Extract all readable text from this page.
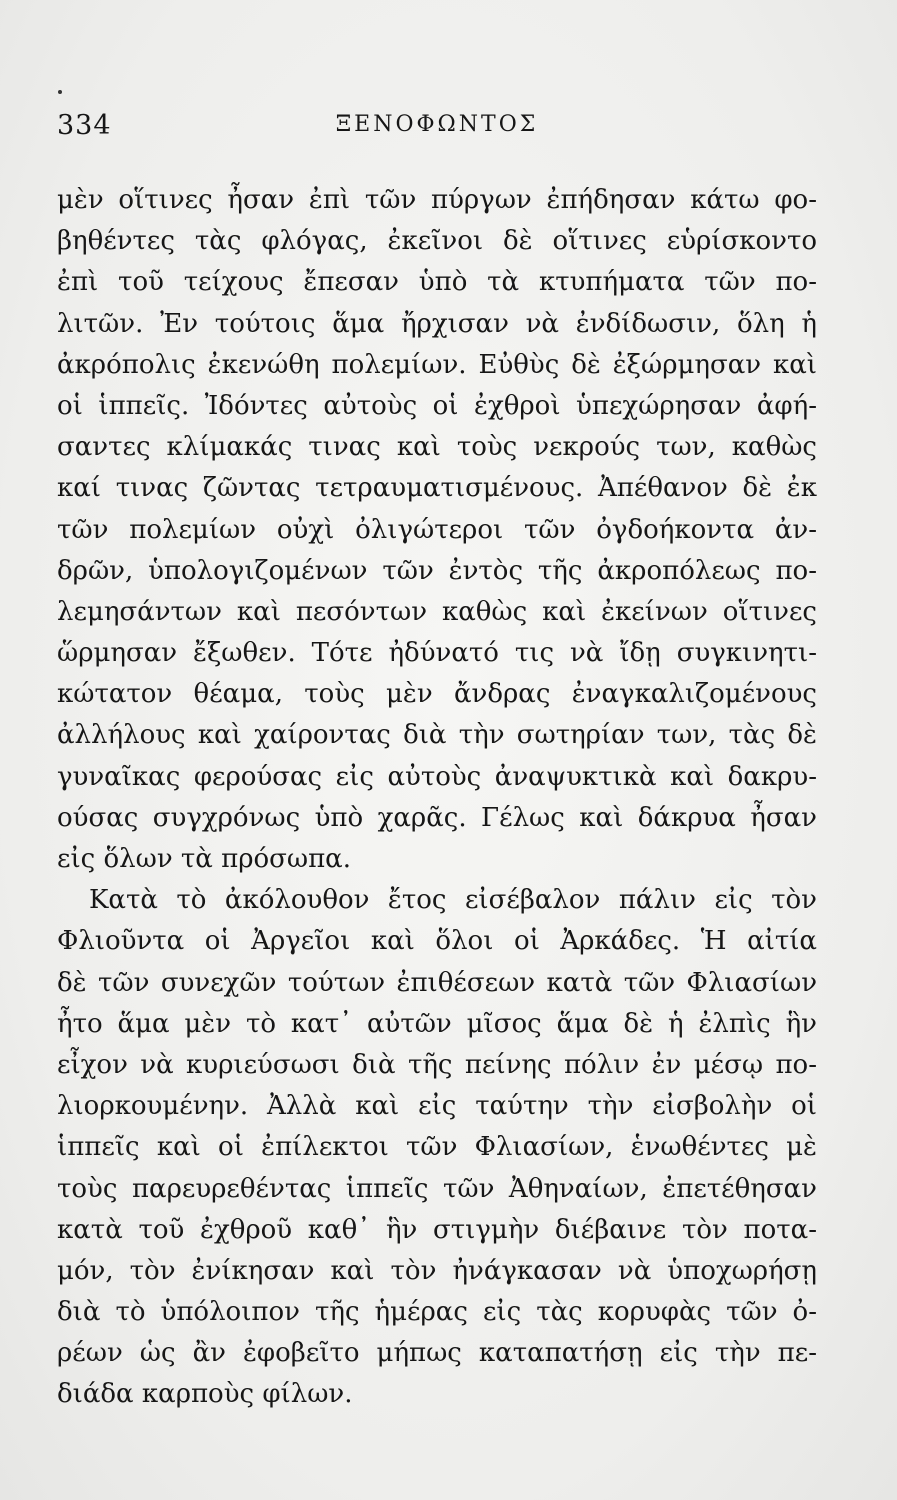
334	ΞΕΝΟΦΩΝΤΟΣ
μὲν οἵτινες ἦσαν ἐπὶ τῶν πύργων ἐπήδησαν κάτω φο-
βηθέντες τὰς φλόγας, ἐκεῖνοι δὲ οἵτινες εὑρίσκοντο
ἐπὶ τοῦ τείχους ἔπεσαν ὑπὸ τὰ κτυπήματα τῶν πο-
λιτῶν. Ἐν τούτοις ἅμα ἤρχισαν νὰ ἐνδίδωσιν, ὅλη ἡ
ἀκρόπολις ἐκενώθη πολεμίων. Εὐθὺς δὲ ἐξώρμησαν καὶ
οἱ ἱππεῖς. Ἰδόντες αὐτοὺς οἱ ἐχθροὶ ὑπεχώρησαν ἀφή-
σαντες κλίμακάς τινας καὶ τοὺς νεκρούς των, καθὼς
καί τινας ζῶντας τετραυματισμένους. Ἀπέθανον δὲ ἐκ
τῶν πολεμίων οὐχὶ ὀλιγώτεροι τῶν ὀγδοήκοντα ἀν-
δρῶν, ὑπολογιζομένων τῶν ἐντὸς τῆς ἀκροπόλεως πο-
λεμησάντων καὶ πεσόντων καθὼς καὶ ἐκείνων οἵτινες
ὥρμησαν ἔξωθεν. Τότε ἠδύνατό τις νὰ ἴδῃ συγκινητι-
κώτατον θέαμα, τοὺς μὲν ἄνδρας ἐναγκαλιζομένους
ἀλλήλους καὶ χαίροντας διὰ τὴν σωτηρίαν των, τὰς δὲ
γυναῖκας φερούσας εἰς αὐτοὺς ἀναψυκτικὰ καὶ δακρυ-
ούσας συγχρόνως ὑπὸ χαρᾶς. Γέλως καὶ δάκρυα ἦσαν
εἰς ὅλων τὰ πρόσωπα.
Κατὰ τὸ ἀκόλουθον ἔτος εἰσέβαλον πάλιν εἰς τὸν
Φλιοῦντα οἱ Ἀργεῖοι καὶ ὅλοι οἱ Ἀρκάδες. Ἡ αἰτία
δὲ τῶν συνεχῶν τούτων ἐπιθέσεων κατὰ τῶν Φλιασίων
ἦτο ἅμα μὲν τὸ κατ᾽ αὐτῶν μῖσος ἅμα δὲ ἡ ἐλπὶς ἣν
εἶχον νὰ κυριεύσωσι διὰ τῆς πείνης πόλιν ἐν μέσῳ πο-
λιορκουμένην. Ἀλλὰ καὶ εἰς ταύτην τὴν εἰσβολὴν οἱ
ἱππεῖς καὶ οἱ ἐπίλεκτοι τῶν Φλιασίων, ἑνωθέντες μὲ
τοὺς παρευρεθέντας ἱππεῖς τῶν Ἀθηναίων, ἐπετέθησαν
κατὰ τοῦ ἐχθροῦ καθ᾽ ἣν στιγμὴν διέβαινε τὸν ποτα-
μόν, τὸν ἐνίκησαν καὶ τὸν ἠνάγκασαν νὰ ὑποχωρήσῃ
διὰ τὸ ὑπόλοιπον τῆς ἡμέρας εἰς τὰς κορυφὰς τῶν ὀ-
ρέων ὡς ἂν ἐφοβεῖτο μήπως καταπατήσῃ εἰς τὴν πε-
διάδα καρποὺς φίλων.
